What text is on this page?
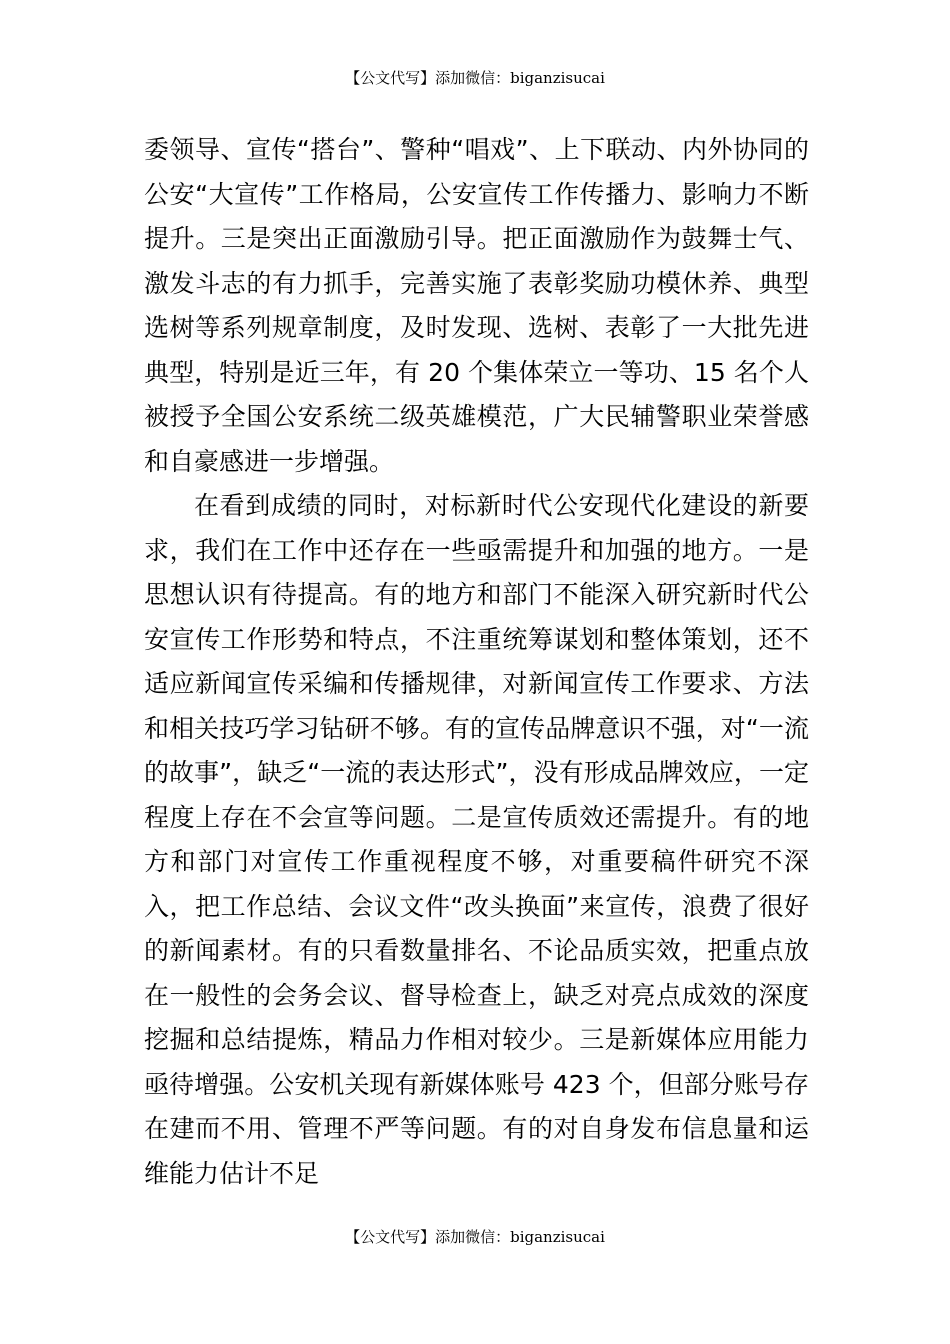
【公文代写】添加微信：biganzisucai

委领导、宣传“搭台”、警种“唱戏”、上下联动、内外协同的公安“大宣传”工作格局，公安宣传工作传播力、影响力不断提升。三是突出正面激励引导。把正面激励作为鼓舞士气、激发斗志的有力抓手，完善实施了表彰奖励功模休养、典型选树等系列规章制度，及时发现、选树、表彰了一大批先进典型，特别是近三年，有 20 个集体荣立一等功、15 名个人被授予全国公安系统二级英雄模范，广大民辅警职业荣誉感和自豪感进一步增强。

在看到成绩的同时，对标新时代公安现代化建设的新要求，我们在工作中还存在一些亟需提升和加强的地方。一是思想认识有待提高。有的地方和部门不能深入研究新时代公安宣传工作形势和特点，不注重统筹谋划和整体策划，还不适应新闻宣传采编和传播规律，对新闻宣传工作要求、方法和相关技巧学习钻研不够。有的宣传品牌意识不强，对“一流的故事”，缺乏“一流的表达形式”，没有形成品牌效应，一定程度上存在不会宣等问题。二是宣传质效还需提升。有的地方和部门对宣传工作重视程度不够，对重要稿件研究不深入，把工作总结、会议文件“改头换面”来宣传，浪费了很好的新闻素材。有的只看数量排名、不论品质实效，把重点放在一般性的会务会议、督导检查上，缺乏对亮点成效的深度挖掘和总结提炼，精品力作相对较少。三是新媒体应用能力亟待增强。公安机关现有新媒体账号 423 个，但部分账号存在建而不用、管理不严等问题。有的对自身发布信息量和运维能力估计不足

【公文代写】添加微信：biganzisucai
